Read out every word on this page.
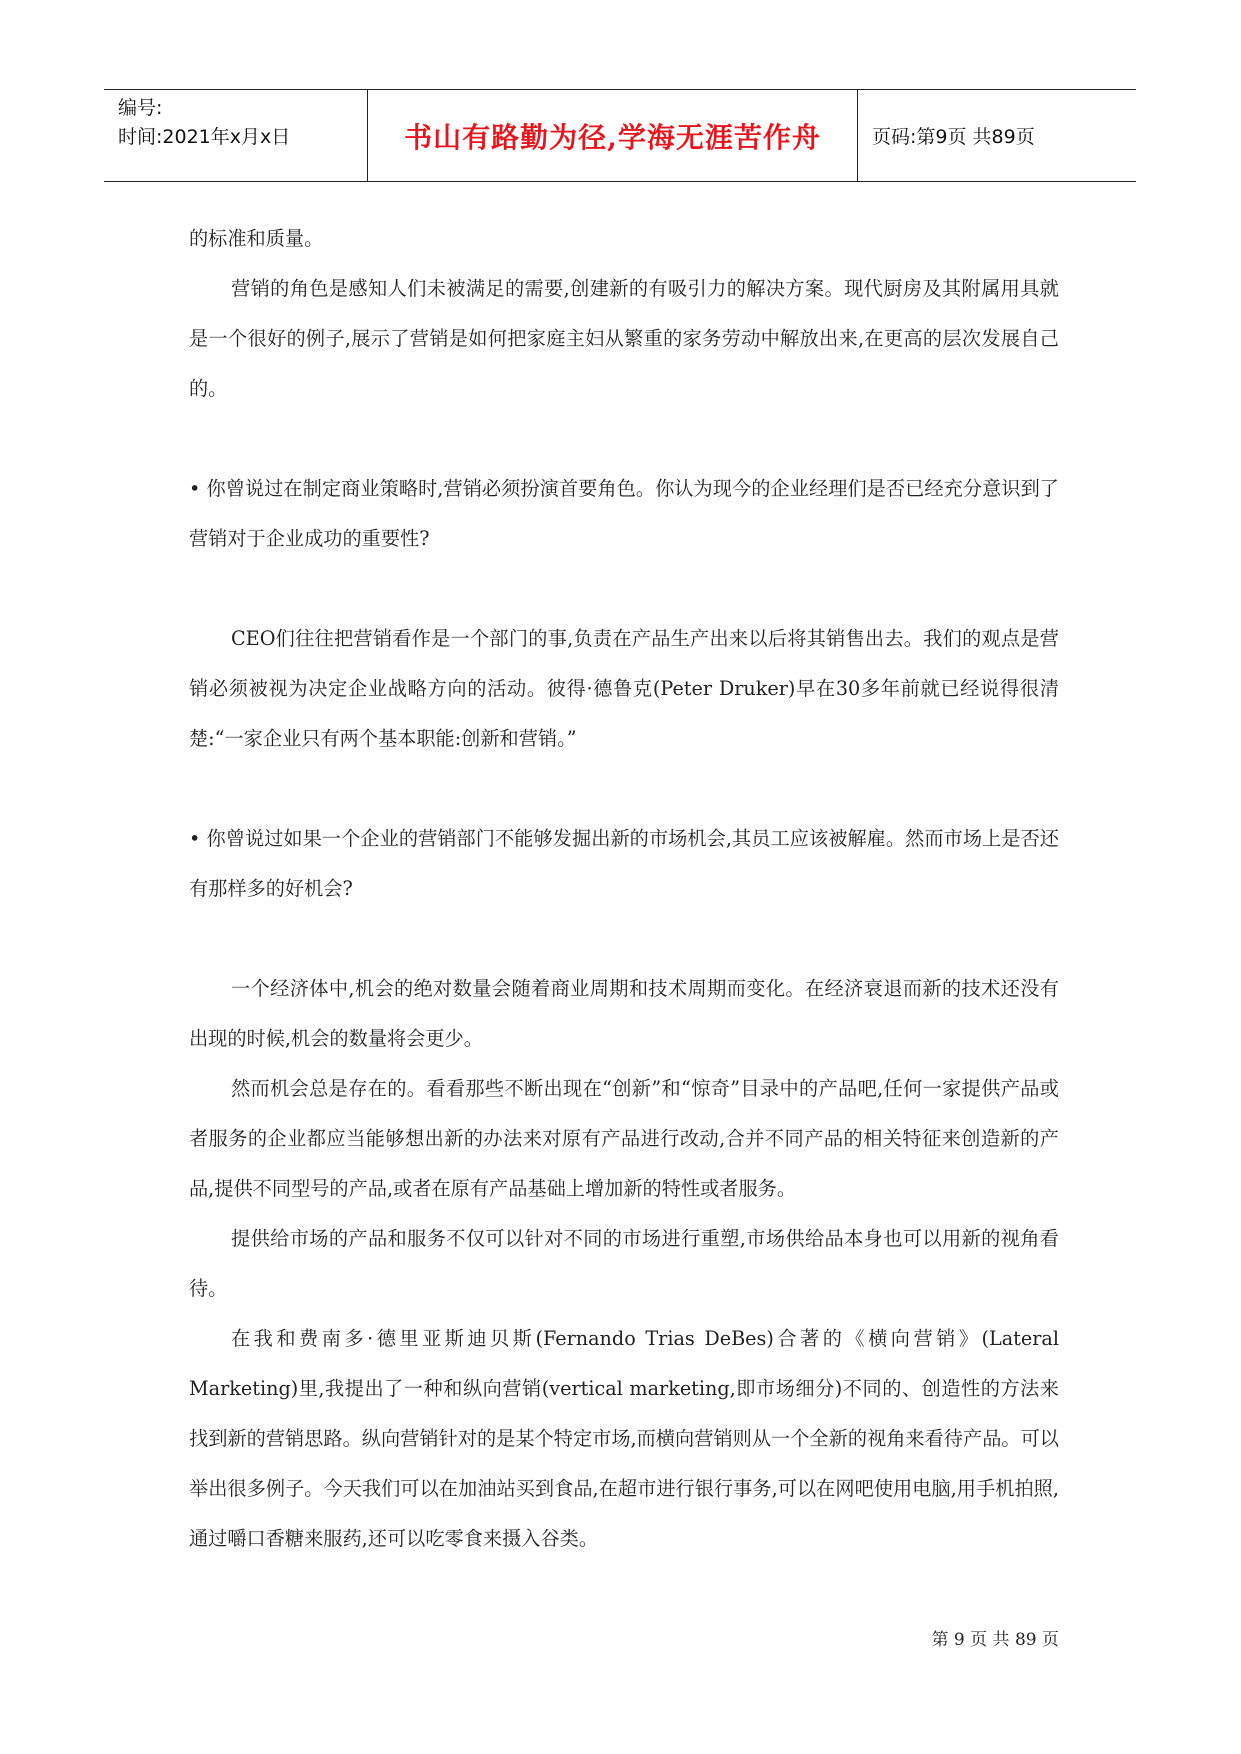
编号:
时间:2021年x月x日	书山有路勤为径,学海无涯苦作舟	页码:第9页 共89页

的标准和质量。

营销的角色是感知人们未被满足的需要,创建新的有吸引力的解决方案。现代厨房及其附属用具就是一个很好的例子,展示了营销是如何把家庭主妇从繁重的家务劳动中解放出来,在更高的层次发展自己的。

• 你曾说过在制定商业策略时,营销必须扮演首要角色。你认为现今的企业经理们是否已经充分意识到了营销对于企业成功的重要性?

CEO们往往把营销看作是一个部门的事,负责在产品生产出来以后将其销售出去。我们的观点是营销必须被视为决定企业战略方向的活动。彼得·德鲁克(Peter Druker)早在30多年前就已经说得很清楚:“一家企业只有两个基本职能:创新和营销。”

• 你曾说过如果一个企业的营销部门不能够发掘出新的市场机会,其员工应该被解雇。然而市场上是否还有那样多的好机会?

一个经济体中,机会的绝对数量会随着商业周期和技术周期而变化。在经济衰退而新的技术还没有出现的时候,机会的数量将会更少。

然而机会总是存在的。看看那些不断出现在“创新”和“惊奇”目录中的产品吧,任何一家提供产品或者服务的企业都应当能够想出新的办法来对原有产品进行改动,合并不同产品的相关特征来创造新的产品,提供不同型号的产品,或者在原有产品基础上增加新的特性或者服务。

提供给市场的产品和服务不仅可以针对不同的市场进行重塑,市场供给品本身也可以用新的视角看待。

在我和费南多·德里亚斯迪贝斯(Fernando Trias DeBes)合著的《横向营销》(Lateral Marketing)里,我提出了一种和纵向营销(vertical marketing,即市场细分)不同的、创造性的方法来找到新的营销思路。纵向营销针对的是某个特定市场,而横向营销则从一个全新的视角来看待产品。可以举出很多例子。今天我们可以在加油站买到食品,在超市进行银行事务,可以在网吧使用电脑,用手机拍照,通过嚼口香糖来服药,还可以吃零食来摄入谷类。

第 9 页 共 89 页
